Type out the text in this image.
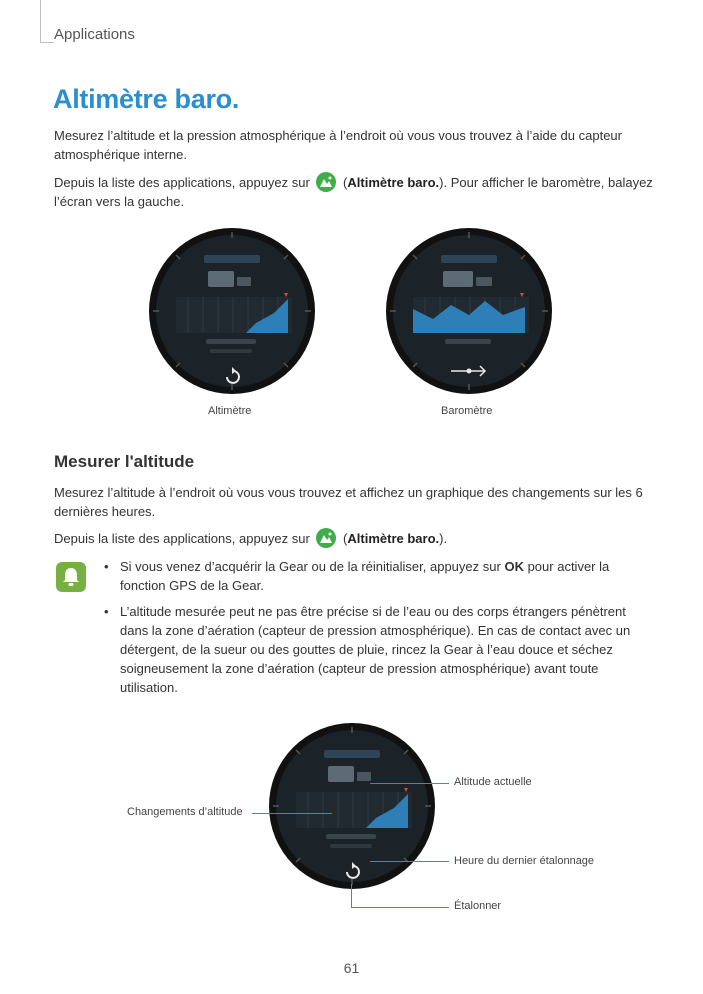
Applications
Altimètre baro.
Mesurez l’altitude et la pression atmosphérique à l’endroit où vous vous trouvez à l’aide du capteur atmosphérique interne.
Depuis la liste des applications, appuyez sur
(Altimètre baro.). Pour afficher le baromètre, balayez l’écran vers la gauche.
Altimètre	Baromètre
Mesurer l'altitude
Mesurez l’altitude à l’endroit où vous vous trouvez et affichez un graphique des changements sur les 6 dernières heures.
Depuis la liste des applications, appuyez sur
(Altimètre baro.).
• Si vous venez d’acquérir la Gear ou de la réinitialiser, appuyez sur OK pour activer la fonction GPS de la Gear.
• L’altitude mesurée peut ne pas être précise si de l’eau ou des corps étrangers pénètrent dans la zone d’aération (capteur de pression atmosphérique). En cas de contact avec un détergent, de la sueur ou des gouttes de pluie, rincez la Gear à l’eau douce et séchez soigneusement la zone d’aération (capteur de pression atmosphérique) avant toute utilisation.
Altitude actuelle
Changements d’altitude
Heure du dernier étalonnage
Étalonner
61
